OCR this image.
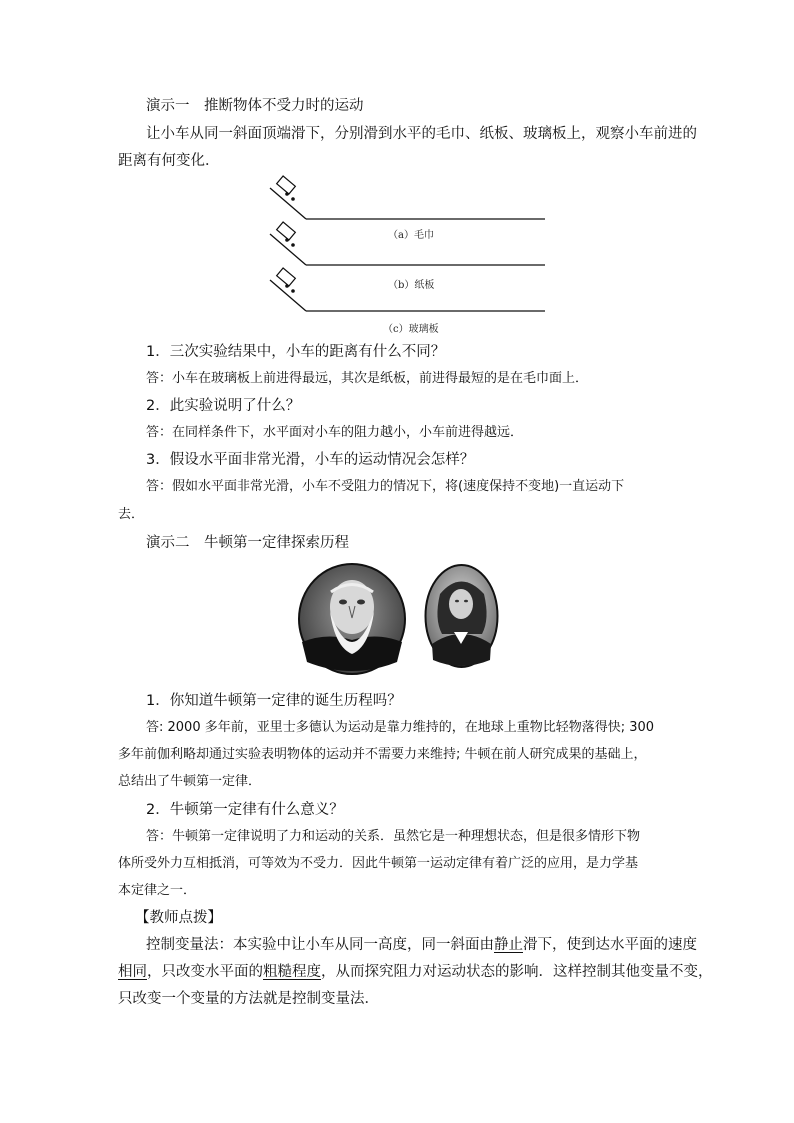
演示一　推断物体不受力时的运动
让小车从同一斜面顶端滑下，分别滑到水平的毛巾、纸板、玻璃板上，观察小车前进的
距离有何变化．
（a）毛巾
（b）纸板
（c）玻璃板
1．三次实验结果中，小车的距离有什么不同？
答：小车在玻璃板上前进得最远，其次是纸板，前进得最短的是在毛巾面上．
2．此实验说明了什么？
答：在同样条件下，水平面对小车的阻力越小，小车前进得越远．
3．假设水平面非常光滑，小车的运动情况会怎样？
答：假如水平面非常光滑，小车不受阻力的情况下，将(速度保持不变地)一直运动下
去．
演示二　牛顿第一定律探索历程
1．你知道牛顿第一定律的诞生历程吗？
答: 2000 多年前，亚里士多德认为运动是靠力维持的，在地球上重物比轻物落得快; 300
多年前伽利略却通过实验表明物体的运动并不需要力来维持; 牛顿在前人研究成果的基础上，
总结出了牛顿第一定律．
2．牛顿第一定律有什么意义？
答：牛顿第一定律说明了力和运动的关系．虽然它是一种理想状态，但是很多情形下物
体所受外力互相抵消，可等效为不受力．因此牛顿第一运动定律有着广泛的应用，是力学基
本定律之一．
【教师点拨】
控制变量法：本实验中让小车从同一高度，同一斜面由静止滑下，使到达水平面的速度
相同，只改变水平面的粗糙程度，从而探究阻力对运动状态的影响．这样控制其他变量不变，
只改变一个变量的方法就是控制变量法．
